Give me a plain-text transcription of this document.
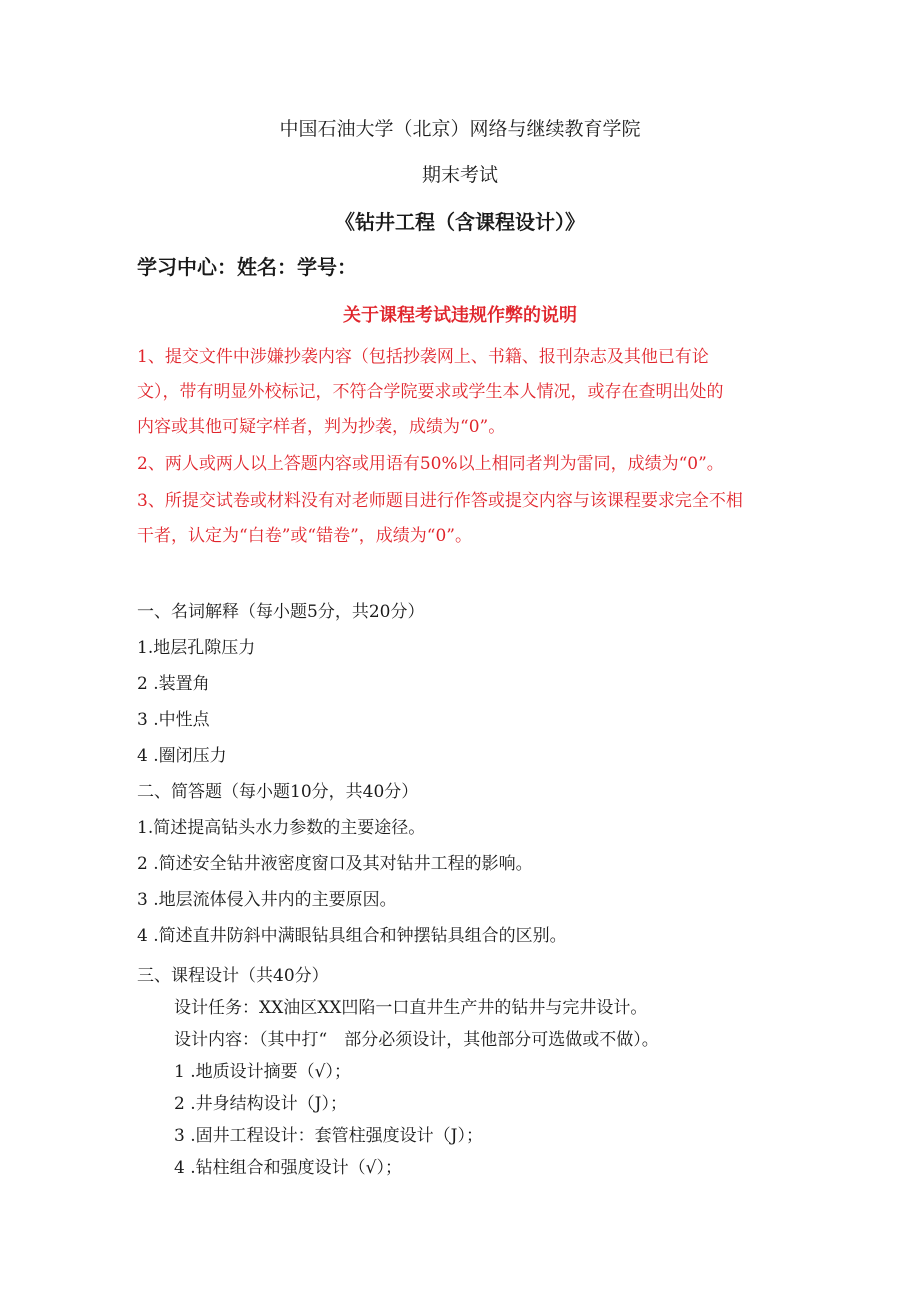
中国石油大学（北京）网络与继续教育学院
期末考试
《钻井工程（含课程设计）》
学习中心：姓名：学号：
关于课程考试违规作弊的说明
1、提交文件中涉嫌抄袭内容（包括抄袭网上、书籍、报刊杂志及其他已有论
文），带有明显外校标记，不符合学院要求或学生本人情况，或存在查明出处的
内容或其他可疑字样者，判为抄袭，成绩为“0”。
2、两人或两人以上答题内容或用语有50%以上相同者判为雷同，成绩为“0”。
3、所提交试卷或材料没有对老师题目进行作答或提交内容与该课程要求完全不相
干者，认定为“白卷”或“错卷”，成绩为“0”。
一、名词解释（每小题5分，共20分）
1.地层孔隙压力
2 .装置角
3 .中性点
4 .圈闭压力
二、简答题（每小题10分，共40分）
1.简述提高钻头水力参数的主要途径。
2 .简述安全钻井液密度窗口及其对钻井工程的影响。
3 .地层流体侵入井内的主要原因。
4 .简述直井防斜中满眼钻具组合和钟摆钻具组合的区别。
三、课程设计（共40分）
设计任务：XX油区XX凹陷一口直井生产井的钻井与完井设计。
设计内容：（其中打“　部分必须设计，其他部分可选做或不做）。
1 .地质设计摘要（√）；
2 .井身结构设计（J）；
3 .固井工程设计：套管柱强度设计（J）；
4 .钻柱组合和强度设计（√）；
